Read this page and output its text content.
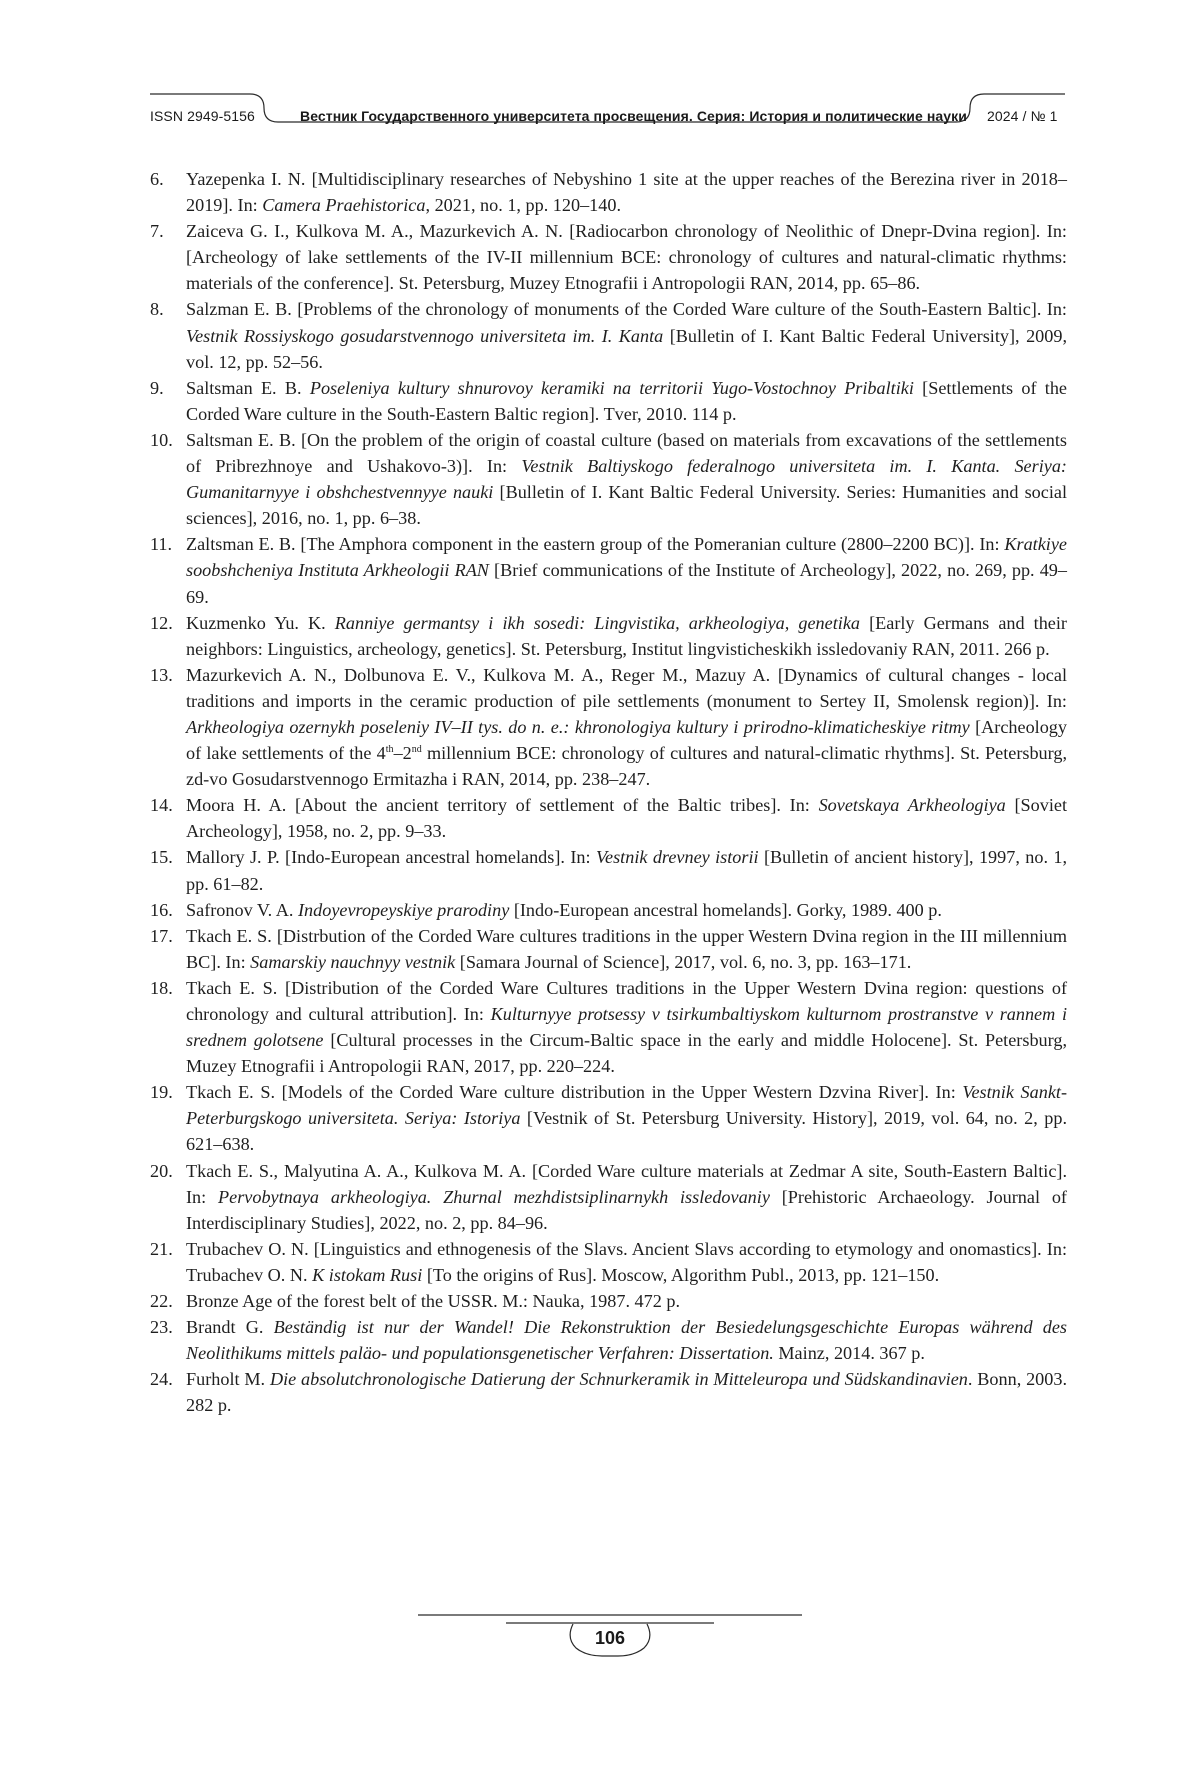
ISSN 2949-5156	Вестник Государственного университета просвещения. Серия: История и политические науки 2024 / № 1
6. Yazepenka I. N. [Multidisciplinary researches of Nebyshino 1 site at the upper reaches of the Berezina river in 2018–2019]. In: Camera Praehistorica, 2021, no. 1, pp. 120–140.
7. Zaiceva G. I., Kulkova M. A., Mazurkevich A. N. [Radiocarbon chronology of Neolithic of Dnepr-Dvina region]. In: [Archeology of lake settlements of the IV-II millennium BCE: chronology of cultures and natural-climatic rhythms: materials of the conference]. St. Petersburg, Muzey Etnografii i Antropologii RAN, 2014, pp. 65–86.
8. Salzman E. B. [Problems of the chronology of monuments of the Corded Ware culture of the South-Eastern Baltic]. In: Vestnik Rossiyskogo gosudarstvennogo universiteta im. I. Kanta [Bulletin of I. Kant Baltic Federal University], 2009, vol. 12, pp. 52–56.
9. Saltsman E. B. Poseleniya kultury shnurovoy keramiki na territorii Yugo-Vostochnoy Pribaltiki [Settlements of the Corded Ware culture in the South-Eastern Baltic region]. Tver, 2010. 114 p.
10. Saltsman E. B. [On the problem of the origin of coastal culture (based on materials from excavations of the settlements of Pribrezhnoye and Ushakovo-3)]. In: Vestnik Baltiyskogo federalnogo universiteta im. I. Kanta. Seriya: Gumanitarnyye i obshchestvennyye nauki [Bulletin of I. Kant Baltic Federal University. Series: Humanities and social sciences], 2016, no. 1, pp. 6–38.
11. Zaltsman E. B. [The Amphora component in the eastern group of the Pomeranian culture (2800–2200 BC)]. In: Kratkiye soobshcheniya Instituta Arkheologii RAN [Brief communications of the Institute of Archeology], 2022, no. 269, pp. 49–69.
12. Kuzmenko Yu. K. Ranniye germantsy i ikh sosedi: Lingvistika, arkheologiya, genetika [Early Germans and their neighbors: Linguistics, archeology, genetics]. St. Petersburg, Institut lingvisticheskikh issledovaniy RAN, 2011. 266 p.
13. Mazurkevich A. N., Dolbunova E. V., Kulkova M. A., Reger M., Mazuy A. [Dynamics of cultural changes - local traditions and imports in the ceramic production of pile settlements (monument to Sertey II, Smolensk region)]. In: Arkheologiya ozernykh poseleniy IV–II tys. do n. e.: khronologiya kultury i prirodno-klimaticheskiye ritmy [Archeology of lake settlements of the 4th–2nd millennium BCE: chronology of cultures and natural-climatic rhythms]. St. Petersburg, zd-vo Gosudarstvennogo Ermitazha i RAN, 2014, pp. 238–247.
14. Moora H. A. [About the ancient territory of settlement of the Baltic tribes]. In: Sovetskaya Arkheologiya [Soviet Archeology], 1958, no. 2, pp. 9–33.
15. Mallory J. P. [Indo-European ancestral homelands]. In: Vestnik drevney istorii [Bulletin of ancient history], 1997, no. 1, pp. 61–82.
16. Safronov V. A. Indoyevropeyskiye prarodiny [Indo-European ancestral homelands]. Gorky, 1989. 400 p.
17. Tkach E. S. [Distrbution of the Corded Ware cultures traditions in the upper Western Dvina region in the III millennium BC]. In: Samarskiy nauchnyy vestnik [Samara Journal of Science], 2017, vol. 6, no. 3, pp. 163–171.
18. Tkach E. S. [Distribution of the Corded Ware Cultures traditions in the Upper Western Dvina region: questions of chronology and cultural attribution]. In: Kulturnyye protsessy v tsirkumbaltiyskom kulturnom prostranstve v rannem i srednem golotsene [Cultural processes in the Circum-Baltic space in the early and middle Holocene]. St. Petersburg, Muzey Etnografii i Antropologii RAN, 2017, pp. 220–224.
19. Tkach E. S. [Models of the Corded Ware culture distribution in the Upper Western Dzvina River]. In: Vestnik Sankt-Peterburgskogo universiteta. Seriya: Istoriya [Vestnik of St. Petersburg University. History], 2019, vol. 64, no. 2, pp. 621–638.
20. Tkach E. S., Malyutina A. A., Kulkova M. A. [Corded Ware culture materials at Zedmar A site, South-Eastern Baltic]. In: Pervobytnaya arkheologiya. Zhurnal mezhdistsiplinarnykh issledovaniy [Prehistoric Archaeology. Journal of Interdisciplinary Studies], 2022, no. 2, pp. 84–96.
21. Trubachev O. N. [Linguistics and ethnogenesis of the Slavs. Ancient Slavs according to etymology and onomastics]. In: Trubachev O. N. K istokam Rusi [To the origins of Rus]. Moscow, Algorithm Publ., 2013, pp. 121–150.
22. Bronze Age of the forest belt of the USSR. M.: Nauka, 1987. 472 p.
23. Brandt G. Beständig ist nur der Wandel! Die Rekonstruktion der Besiedelungsgeschichte Europas während des Neolithikums mittels paläo- und populationsgenetischer Verfahren: Dissertation. Mainz, 2014. 367 p.
24. Furholt M. Die absolutchronologische Datierung der Schnurkeramik in Mitteleuropa und Südskandinavien. Bonn, 2003. 282 p.
106
